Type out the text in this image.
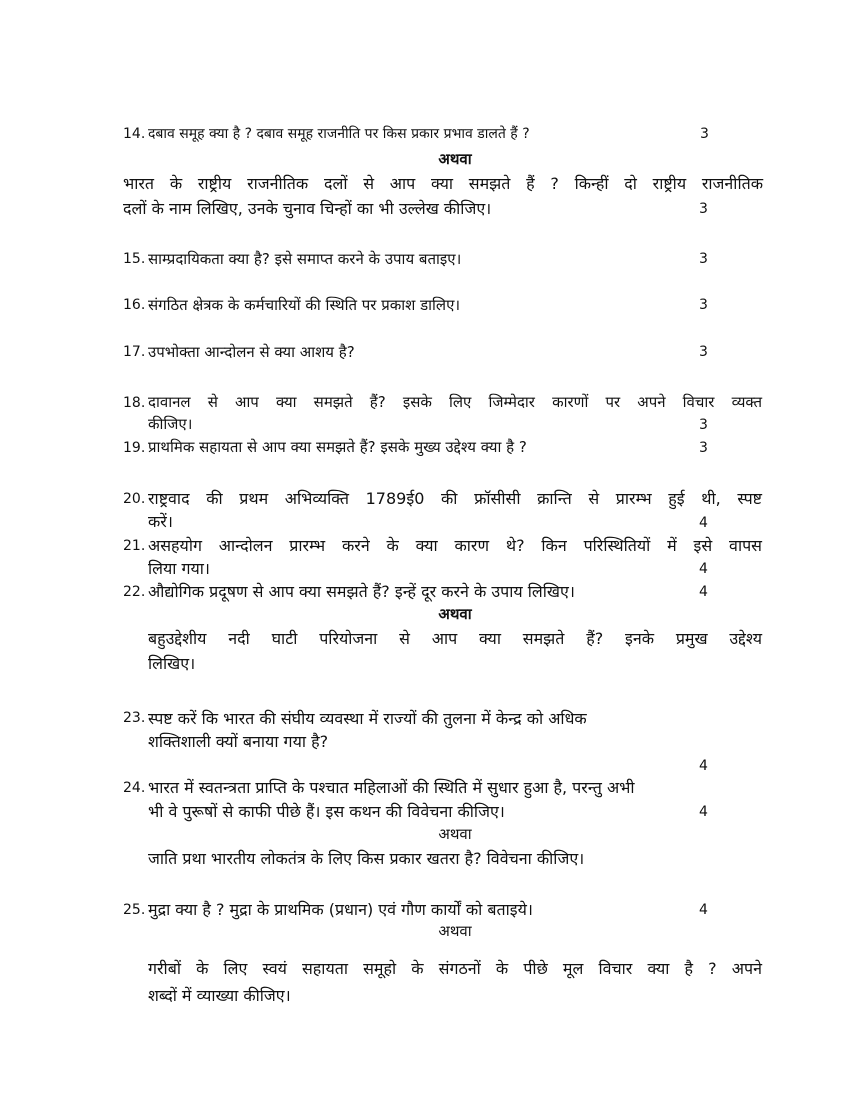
14. दबाव समूह क्या है ? दबाव समूह राजनीति पर किस प्रकार प्रभाव डालते हैं ?	3
अथवा
भारत के राष्ट्रीय राजनीतिक दलों से आप क्या समझते हैं ? किन्हीं दो राष्ट्रीय राजनीतिक
दलों के नाम लिखिए, उनके चुनाव चिन्हों का भी उल्लेख कीजिए।	3
15. साम्प्रदायिकता क्या है? इसे समाप्त करने के उपाय बताइए।	3
16. संगठित क्षेत्रक के कर्मचारियों की स्थिति पर प्रकाश डालिए।	3
17. उपभोक्ता आन्दोलन से क्या आशय है?	3
18. दावानल से आप क्या समझते हैं? इसके लिए जिम्मेदार कारणों पर अपने विचार व्यक्त
कीजिए।	3
19. प्राथमिक सहायता से आप क्या समझते हैं? इसके मुख्य उद्देश्य क्या है ?	3
20. राष्ट्रवाद की प्रथम अभिव्यक्ति 1789ई0 की फ्रॉसीसी क्रान्ति से प्रारम्भ हुई थी, स्पष्ट
करें।	4
21. असहयोग आन्दोलन प्रारम्भ करने के क्या कारण थे? किन परिस्थितियों में इसे वापस
लिया गया।	4
22. औद्योगिक प्रदूषण से आप क्या समझते हैं? इन्हें दूर करने के उपाय लिखिए।	4
अथवा
बहुउद्देशीय नदी घाटी परियोजना से आप क्या समझते हैं? इनके प्रमुख उद्देश्य
लिखिए।
23. स्पष्ट करें कि भारत की संघीय व्यवस्था में राज्यों की तुलना में केन्द्र को अधिक
शक्तिशाली क्यों बनाया गया है?
4
24. भारत में स्वतन्त्रता प्राप्ति के पश्चात महिलाओं की स्थिति में सुधार हुआ है, परन्तु अभी
भी वे पुरूषों से काफी पीछे हैं। इस कथन की विवेचना कीजिए।	4
अथवा
जाति प्रथा भारतीय लोकतंत्र के लिए किस प्रकार खतरा है? विवेचना कीजिए।
25. मुद्रा क्या है ? मुद्रा के प्राथमिक (प्रधान) एवं गौण कार्यों को बताइये।	4
अथवा
गरीबों के लिए स्वयं सहायता समूहो के संगठनों के पीछे मूल विचार क्या है ? अपने
शब्दों में व्याख्या कीजिए।
